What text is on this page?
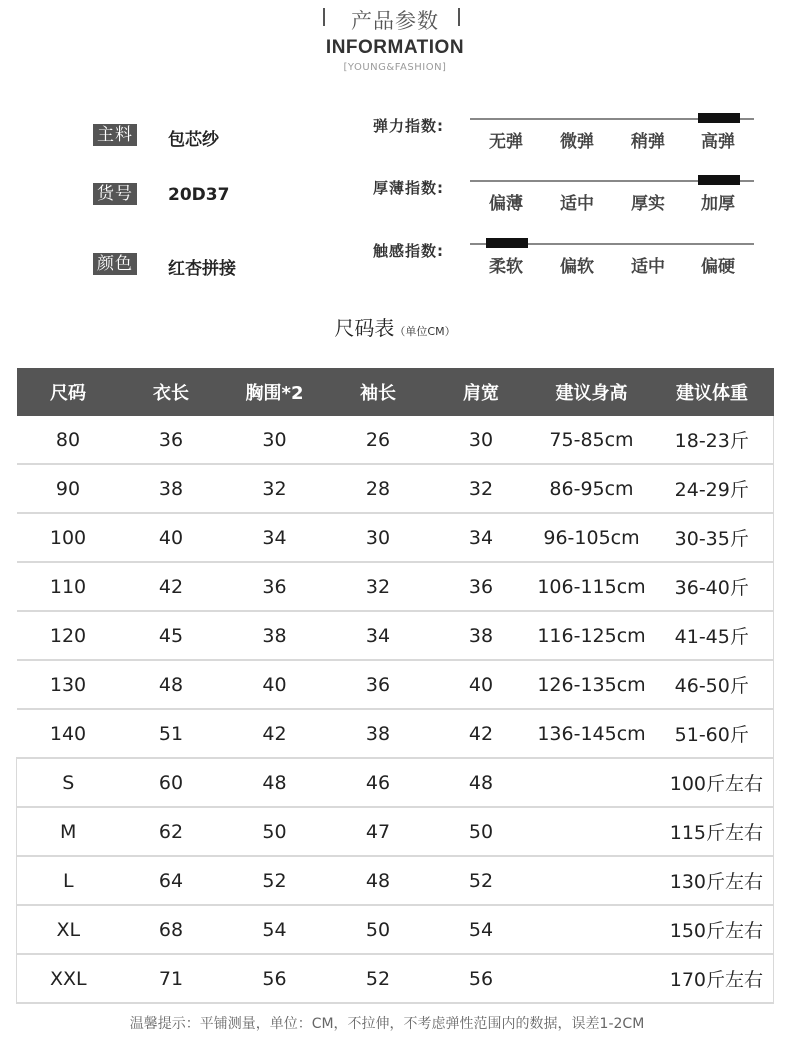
产品参数
INFORMATION
[YOUNG&FASHION]
主料 包芯纱
货号 20D37
颜色 红杏拼接
弹力指数:
无弹	微弹	稍弹	高弹
厚薄指数:
偏薄	适中	厚实	加厚
触感指数:
柔软	偏软	适中	偏硬
尺码表（单位CM）
尺码	衣长	胸围*2	袖长	肩宽	建议身高	建议体重
80	36	30	26	30	75-85cm	18-23斤
90	38	32	28	32	86-95cm	24-29斤
100	40	34	30	34	96-105cm	30-35斤
110	42	36	32	36	106-115cm	36-40斤
120	45	38	34	38	116-125cm	41-45斤
130	48	40	36	40	126-135cm	46-50斤
140	51	42	38	42	136-145cm	51-60斤
S	60	48	46	48		100斤左右
M	62	50	47	50		115斤左右
L	64	52	48	52		130斤左右
XL	68	54	50	54		150斤左右
XXL	71	56	52	56		170斤左右
温馨提示：平铺测量，单位：CM，不拉伸，不考虑弹性范围内的数据，误差1-2CM
